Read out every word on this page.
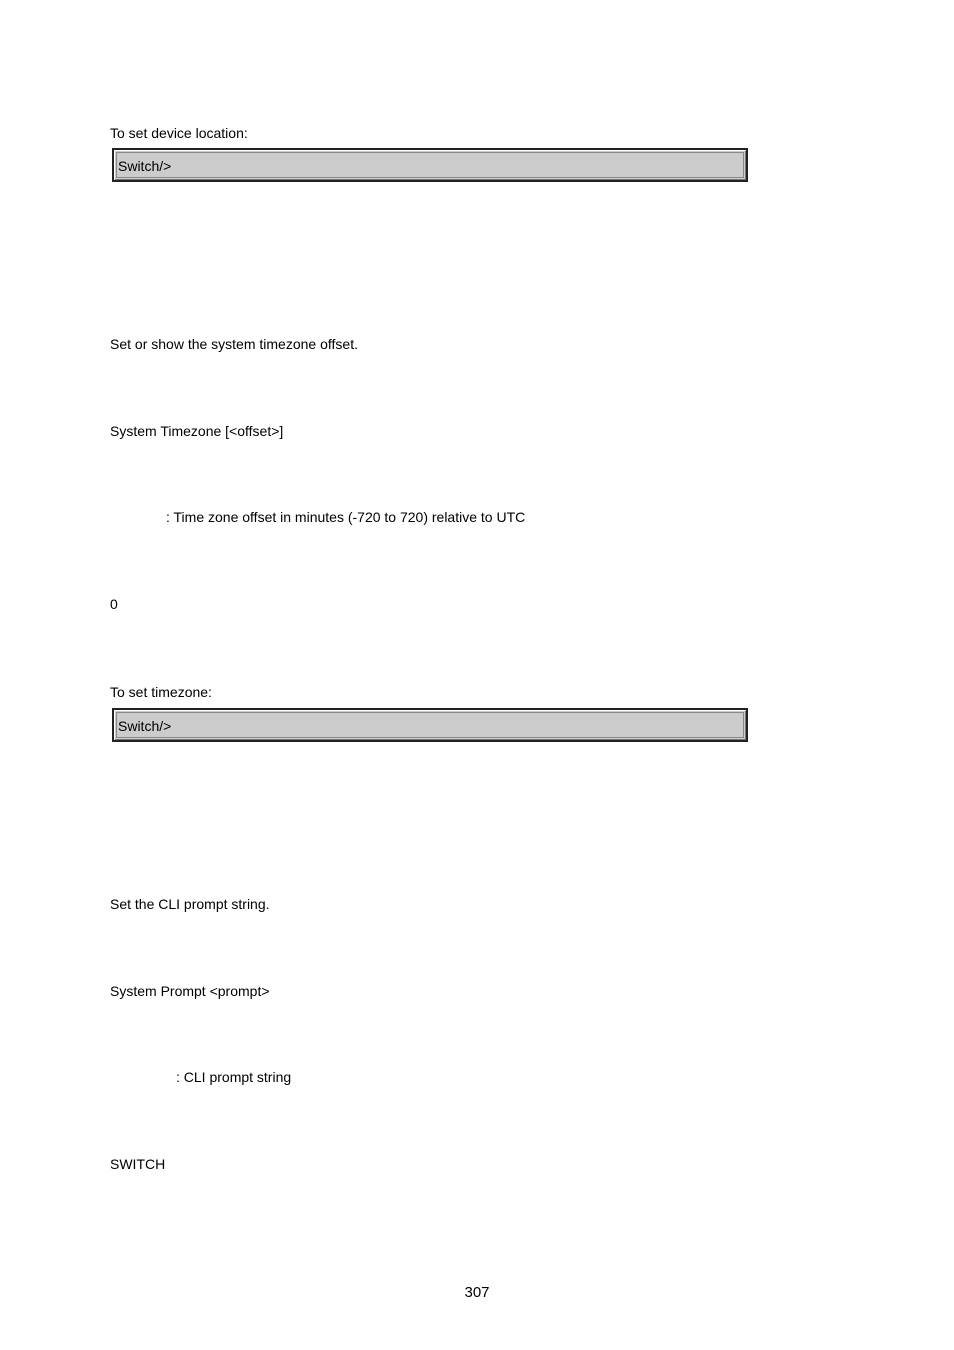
To set device location:
Switch/>
Set or show the system timezone offset.
System Timezone [<offset>]
: Time zone offset in minutes (-720 to 720) relative to UTC
0
To set timezone:
Switch/>
Set the CLI prompt string.
System Prompt <prompt>
: CLI prompt string
SWITCH
307
